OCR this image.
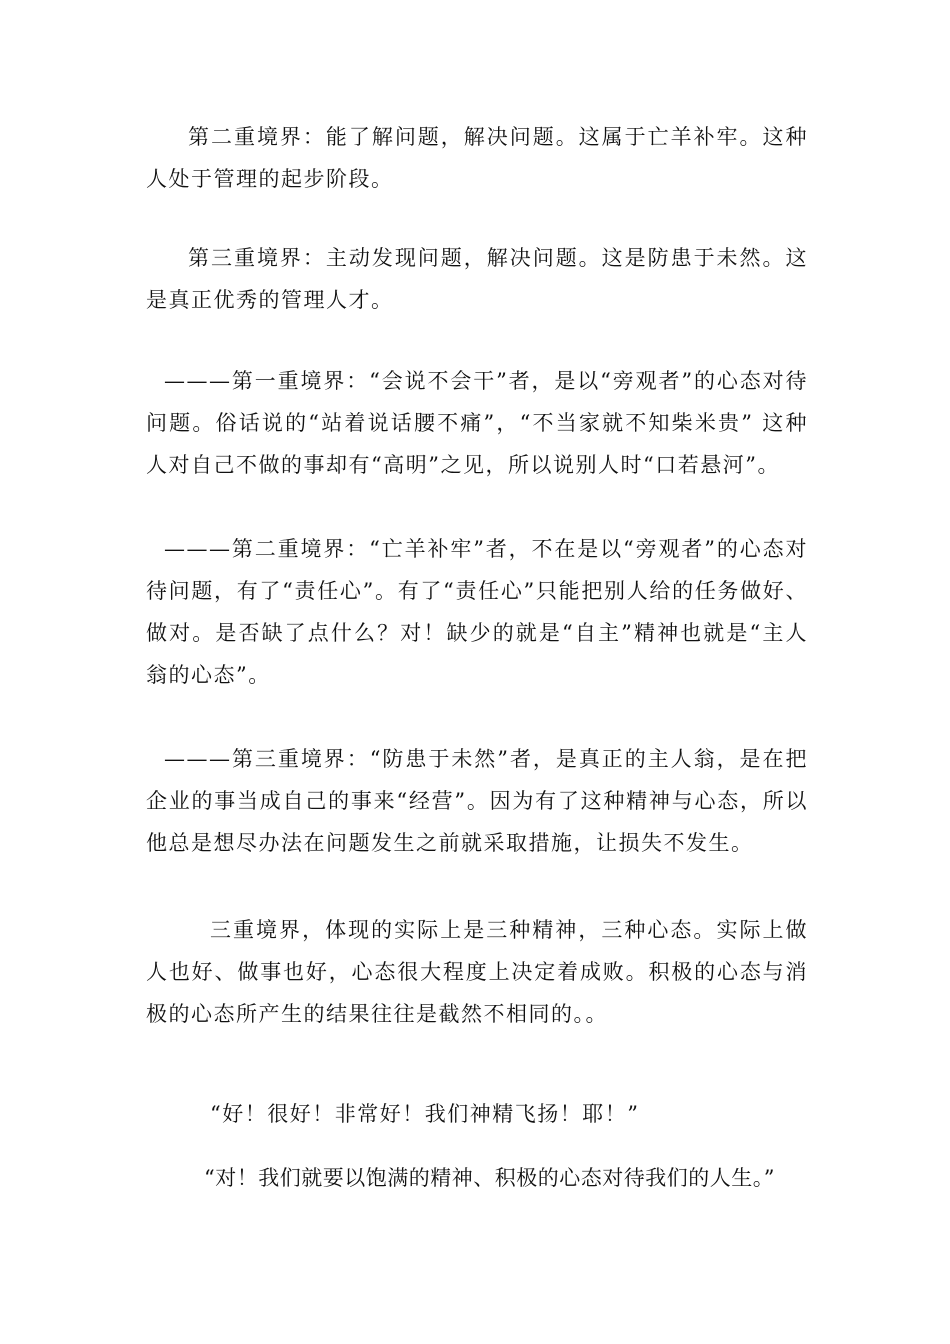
第二重境界：能了解问题，解决问题。这属于亡羊补牢。这种人处于管理的起步阶段。

第三重境界：主动发现问题，解决问题。这是防患于未然。这是真正优秀的管理人才。

———第一重境界：“会说不会干”者，是以“旁观者”的心态对待问题。俗话说的“站着说话腰不痛”，“不当家就不知柴米贵” 这种人对自己不做的事却有“高明”之见，所以说别人时“口若悬河”。

———第二重境界：“亡羊补牢”者，不在是以“旁观者”的心态对待问题，有了“责任心”。有了“责任心”只能把别人给的任务做好、做对。是否缺了点什么？对！缺少的就是“自主”精神也就是“主人翁的心态”。

———第三重境界：“防患于未然”者，是真正的主人翁，是在把企业的事当成自己的事来“经营”。因为有了这种精神与心态，所以他总是想尽办法在问题发生之前就采取措施，让损失不发生。

三重境界，体现的实际上是三种精神，三种心态。实际上做人也好、做事也好，心态很大程度上决定着成败。积极的心态与消极的心态所产生的结果往往是截然不相同的。。

“好！很好！非常好！我们神精飞扬！耶！”

“对！我们就要以饱满的精神、积极的心态对待我们的人生。”
